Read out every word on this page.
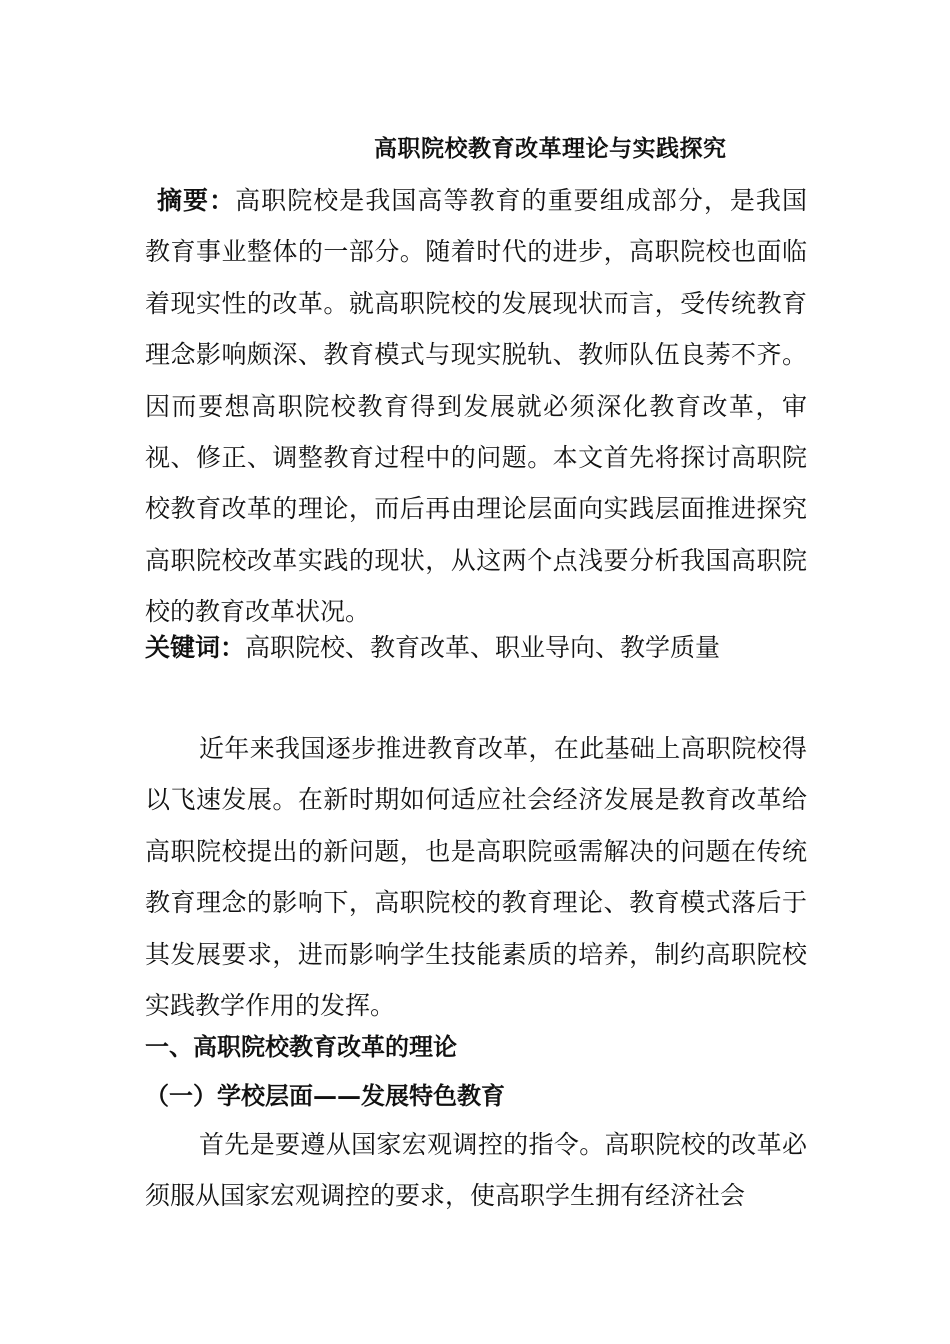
高职院校教育改革理论与实践探究
摘要：高职院校是我国高等教育的重要组成部分，是我国教育事业整体的一部分。随着时代的进步，高职院校也面临着现实性的改革。就高职院校的发展现状而言，受传统教育理念影响颇深、教育模式与现实脱轨、教师队伍良莠不齐。因而要想高职院校教育得到发展就必须深化教育改革，审视、修正、调整教育过程中的问题。本文首先将探讨高职院校教育改革的理论，而后再由理论层面向实践层面推进探究高职院校改革实践的现状，从这两个点浅要分析我国高职院校的教育改革状况。
关键词：高职院校、教育改革、职业导向、教学质量
近年来我国逐步推进教育改革，在此基础上高职院校得以飞速发展。在新时期如何适应社会经济发展是教育改革给高职院校提出的新问题，也是高职院亟需解决的问题在传统教育理念的影响下，高职院校的教育理论、教育模式落后于其发展要求，进而影响学生技能素质的培养，制约高职院校实践教学作用的发挥。
一、高职院校教育改革的理论
（一）学校层面——发展特色教育
首先是要遵从国家宏观调控的指令。高职院校的改革必须服从国家宏观调控的要求，使高职学生拥有经济社会
